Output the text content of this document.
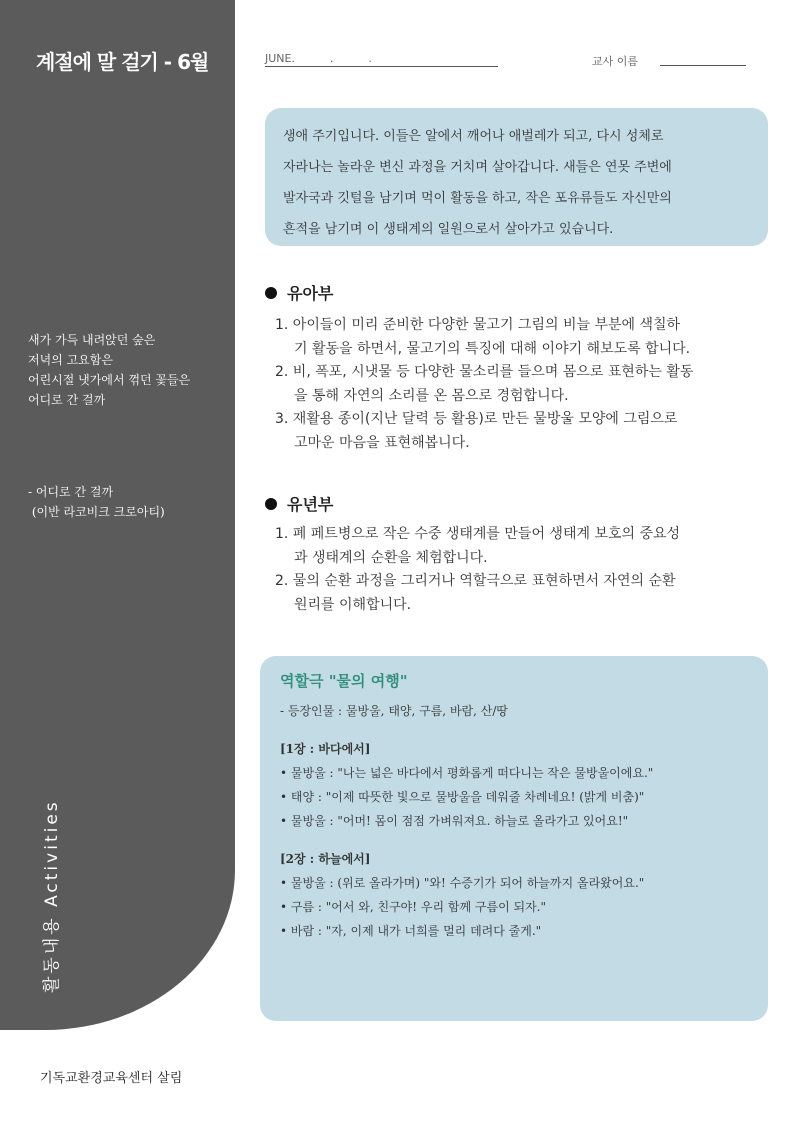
계절에 말 걸기 - 6월
새가 가득 내려앉던 숲은
저녁의 고요함은
어린시절 냇가에서 꺾던 꽃들은
어디로 간 걸까
- 어디로 간 걸까
(이반 라코비크 크로아티)
활동내용 Activities
JUNE.          .          .	교사 이름
생애 주기입니다. 이들은 알에서 깨어나 애벌레가 되고, 다시 성체로
자라나는 놀라운 변신 과정을 거치며 살아갑니다. 새들은 연못 주변에
발자국과 깃털을 남기며 먹이 활동을 하고, 작은 포유류들도 자신만의
흔적을 남기며 이 생태계의 일원으로서 살아가고 있습니다.
유아부
1. 아이들이 미리 준비한 다양한 물고기 그림의 비늘 부분에 색칠하
기 활동을 하면서, 물고기의 특징에 대해 이야기 해보도록 합니다.
2. 비, 폭포, 시냇물 등 다양한 물소리를 들으며 몸으로 표현하는 활동
을 통해 자연의 소리를 온 몸으로 경험합니다.
3. 재활용 종이(지난 달력 등 활용)로 만든 물방울 모양에 그림으로
고마운 마음을 표현해봅니다.
유년부
1. 폐 페트병으로 작은 수중 생태계를 만들어 생태계 보호의 중요성
과 생태계의 순환을 체험합니다.
2. 물의 순환 과정을 그리거나 역할극으로 표현하면서 자연의 순환
원리를 이해합니다.
역할극 "물의 여행"
- 등장인물 : 물방울, 태양, 구름, 바람, 산/땅
[1장 : 바다에서]
• 물방울 : "나는 넓은 바다에서 평화롭게 떠다니는 작은 물방울이에요."
• 태양 : "이제 따뜻한 빛으로 물방울을 데워줄 차례네요! (밝게 비춤)"
• 물방울 : "어머! 몸이 점점 가벼워져요. 하늘로 올라가고 있어요!"
[2장 : 하늘에서]
• 물방울 : (위로 올라가며) "와! 수증기가 되어 하늘까지 올라왔어요."
• 구름 : "어서 와, 친구야! 우리 함께 구름이 되자."
• 바람 : "자, 이제 내가 너희를 멀리 데려다 줄게."
기독교환경교육센터 살림
